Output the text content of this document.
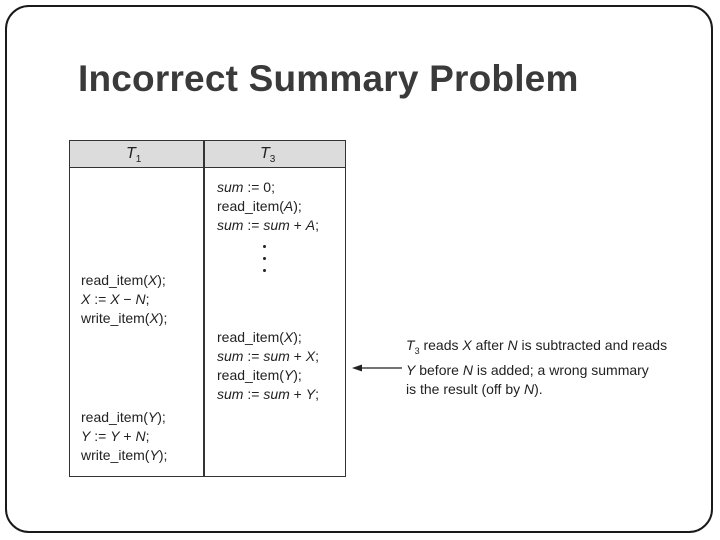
Incorrect Summary Problem
$T_1$	$T_3$
sum := 0;
read_item(A);
sum := sum + A;
read_item(X);
sum := sum + X;
read_item(Y);
sum := sum + Y;
read_item(X);
X := X − N;
write_item(X);
read_item(Y);
Y := Y + N;
write_item(Y);
$T_3$ reads X after N is subtracted and reads
Y before N is added; a wrong summary
is the result (off by N).
